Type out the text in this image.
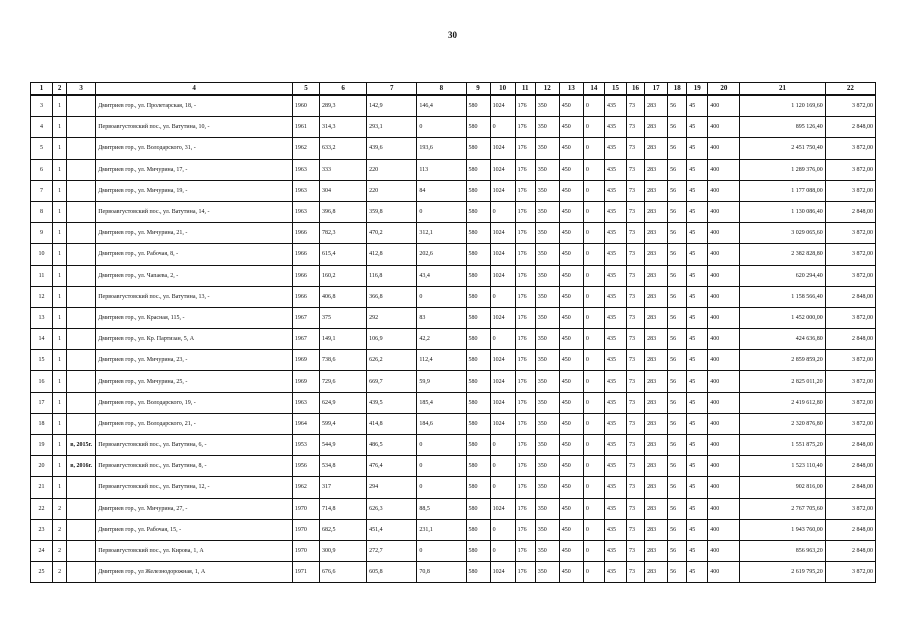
30
1	2	3	4	5	6	7	8	9	10	11	12	13	14	15	16	17	18	19	20	21	22
3	1		Дмитриев гор., ул. Пролетарская, 18, -	1960	289,3	142,9	146,4	580	1024	176	350	450	0	435	73	283	56	45	400	1 120 169,60	3 872,00
4	1		Первоавгустовский пос., ул. Ватутина, 10, -	1961	314,3	293,1	0	580	0	176	350	450	0	435	73	283	56	45	400	895 126,40	2 848,00
5	1		Дмитриев гор., ул. Володарского, 31, -	1962	633,2	439,6	193,6	580	1024	176	350	450	0	435	73	283	56	45	400	2 451 750,40	3 872,00
6	1		Дмитриев гор., ул. Мичурина, 17, -	1963	333	220	113	580	1024	176	350	450	0	435	73	283	56	45	400	1 289 376,00	3 872,00
7	1		Дмитриев гор., ул. Мичурина, 19, -	1963	304	220	84	580	1024	176	350	450	0	435	73	283	56	45	400	1 177 088,00	3 872,00
8	1		Первоавгустовский пос., ул. Ватутина, 14, -	1963	396,8	359,8	0	580	0	176	350	450	0	435	73	283	56	45	400	1 130 086,40	2 848,00
9	1		Дмитриев гор., ул. Мичурина, 21, -	1966	782,3	470,2	312,1	580	1024	176	350	450	0	435	73	283	56	45	400	3 029 065,60	3 872,00
10	1		Дмитриев гор., ул. Рабочая, 8, -	1966	615,4	412,8	202,6	580	1024	176	350	450	0	435	73	283	56	45	400	2 382 828,80	3 872,00
11	1		Дмитриев гор., ул. Чапаева, 2, -	1966	160,2	116,8	43,4	580	1024	176	350	450	0	435	73	283	56	45	400	620 294,40	3 872,00
12	1		Первоавгустовский пос., ул. Ватутина, 13, -	1966	406,8	366,8	0	580	0	176	350	450	0	435	73	283	56	45	400	1 158 566,40	2 848,00
13	1		Дмитриев гор., ул. Красная, 115, -	1967	375	292	83	580	1024	176	350	450	0	435	73	283	56	45	400	1 452 000,00	3 872,00
14	1		Дмитриев гор., ул. Кр. Партизан, 5, А	1967	149,1	106,9	42,2	580	0	176	350	450	0	435	73	283	56	45	400	424 636,80	2 848,00
15	1		Дмитриев гор., ул. Мичурина, 23, -	1969	738,6	626,2	112,4	580	1024	176	350	450	0	435	73	283	56	45	400	2 859 859,20	3 872,00
16	1		Дмитриев гор., ул. Мичурина, 25, -	1969	729,6	669,7	59,9	580	1024	176	350	450	0	435	73	283	56	45	400	2 825 011,20	3 872,00
17	1		Дмитриев гор., ул. Володарского, 19, -	1963	624,9	439,5	185,4	580	1024	176	350	450	0	435	73	283	56	45	400	2 419 612,80	3 872,00
18	1		Дмитриев гор., ул. Володарского, 21, -	1964	599,4	414,8	184,6	580	1024	176	350	450	0	435	73	283	56	45	400	2 320 876,80	3 872,00
19	1	в, 2015г.	Первоавгустовский пос., ул. Ватутина, 6, -	1953	544,9	486,5	0	580	0	176	350	450	0	435	73	283	56	45	400	1 551 875,20	2 848,00
20	1	в, 2016г.	Первоавгустовский пос., ул. Ватутина, 8, -	1956	534,8	476,4	0	580	0	176	350	450	0	435	73	283	56	45	400	1 523 110,40	2 848,00
21	1		Первоавгустовский пос., ул. Ватутина, 12, -	1962	317	294	0	580	0	176	350	450	0	435	73	283	56	45	400	902 816,00	2 848,00
22	2		Дмитриев гор., ул. Мичурина, 27, -	1970	714,8	626,3	88,5	580	1024	176	350	450	0	435	73	283	56	45	400	2 767 705,60	3 872,00
23	2		Дмитриев гор., ул. Рабочая, 15, -	1970	682,5	451,4	231,1	580	0	176	350	450	0	435	73	283	56	45	400	1 943 760,00	2 848,00
24	2		Первоавгустовский пос., ул. Кирова, 1, А	1970	300,9	272,7	0	580	0	176	350	450	0	435	73	283	56	45	400	856 963,20	2 848,00
25	2		Дмитриев гор., ул Железнодорожная, 1, А	1971	676,6	605,8	70,8	580	1024	176	350	450	0	435	73	283	56	45	400	2 619 795,20	3 872,00
